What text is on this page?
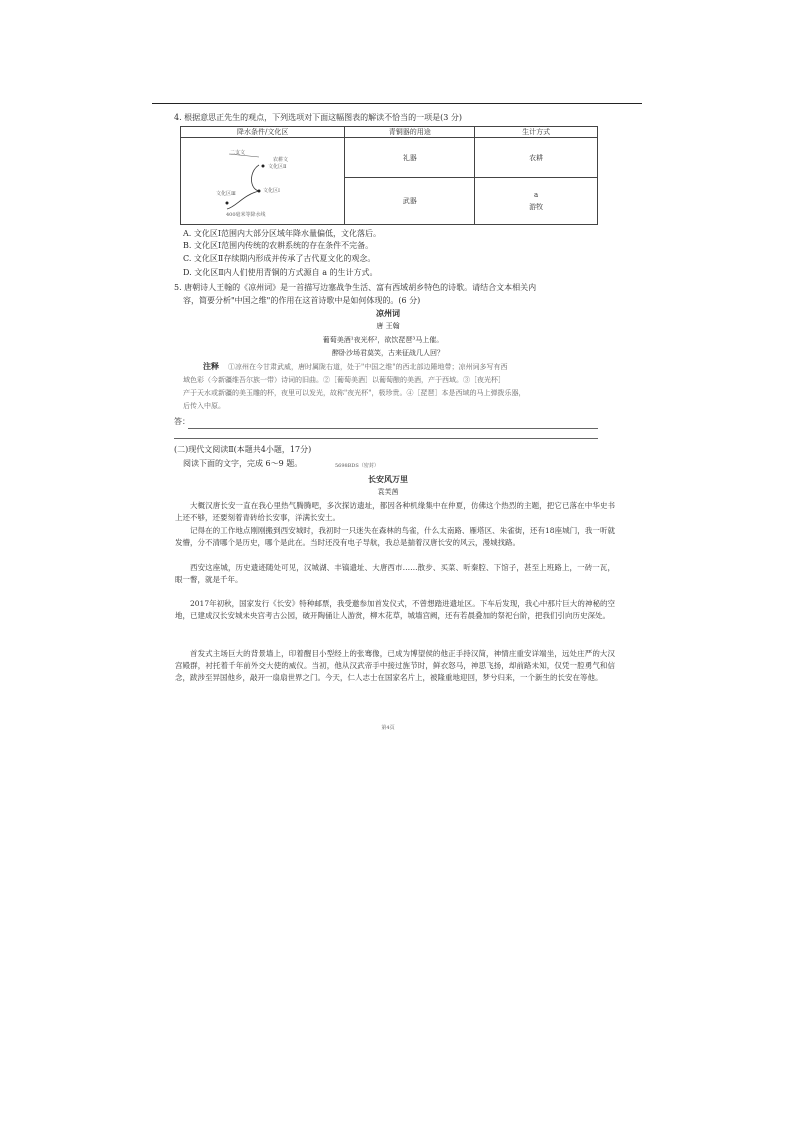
4. 根据意思正先生的观点，下列选项对下面这幅图表的解读不恰当的一项是(3 分)
降水条件/文化区	青铜器的用途	生计方式
	礼器	农耕
	武器	a
游牧
二支文
农耕文
文化区Ⅱ
文化区Ⅰ
文化区Ⅲ
400毫米等降水线
A. 文化区Ⅰ范围内大部分区域年降水量偏低，文化落后。
B. 文化区Ⅰ范围内传统的农耕系统的存在条件不完备。
C. 文化区Ⅱ存续期内形成并传承了古代夏文化的观念。
D. 文化区Ⅱ内人们使用青铜的方式源自 a 的生计方式。
5. 唐朝诗人王翰的《凉州词》是一首描写边塞战争生活、富有西域胡乡特色的诗歌。请结合文本相关内
容，简要分析"中国之维"的作用在这首诗歌中是如何体现的。(6 分)
凉州词
唐 王翰
葡萄美酒¹夜光杯²，欲饮琵琶³马上催。
醉卧沙场君莫笑，古来征战几人回？
注释 ①凉州在今甘肃武威，唐时属陇右道，处于"中国之维"的西北部边陲地带；凉州词多写有西
域色彩（今新疆维吾尔族一带）诗词的旧曲。②［葡萄美酒］以葡萄酿的美酒，产于西域。③［夜光杯］
产于天水或新疆的美玉雕的杯，夜里可以发光，故称"夜光杯"，极珍贵。④［琵琶］本是西域的马上弹拨乐器，
后传入中原。
答：
(二)现代文阅读Ⅱ(本题共4小题，17分)
阅读下面的文字，完成 6～9 题。	5698BDS（密封）
长安风万里
袁芙茜
大概汉唐长安一直在我心里热气腾腾吧，多次探访遗址，都因各种机缘集中在仲夏，仿佛这个热烈的主题，把它已落在中华史书上还不够，还要刻着青砖给长安事，洋满长安土。
记得在的工作地点刚刚搬到西安城时，我初时一只迷失在森林的鸟雀，什么太南路、雁塔区、朱雀街，还有18座城门，我一听就发懵，分不清哪个是历史，哪个是此在。当时还没有电子导航，我总是揣着汉唐长安的风云，漫城找路。
西安这座城，历史遗迹随处可见，汉城湖、丰镐遗址、大唐西市……散步、买菜、听秦腔、下馆子，甚至上班路上，一砖一瓦，眼一瞥，就是千年。
2017年初秋，国家发行《长安》特种邮票，我受邀参加首发仪式，不曾想踏进遗址区。下车后发现，我心中那片巨大的神秘的空地，已建成汉长安城未央宫考古公园，破开陶俑让人游赏，柳木花草，城墙宫阙，还有若晨叠加的祭祀台阶，把我们引向历史深处。
首发式主场巨大的背景墙上，印着醒目小型经上的张骞像，已成为博望侯的他正手持汉简，神情庄重安详端坐，远处庄严的大汉宫殿群，衬托着千年前外交大使的威仪。当初，他从汉武帝手中接过旌节时，鲜衣怒马，神思飞扬，却前路未知，仅凭一腔勇气和信念，跋涉至异国他乡，敲开一扇扇世界之门。今天，仁人志士在国家名片上，被隆重地迎回，梦兮归来，一个新生的长安在等他。
第4页
